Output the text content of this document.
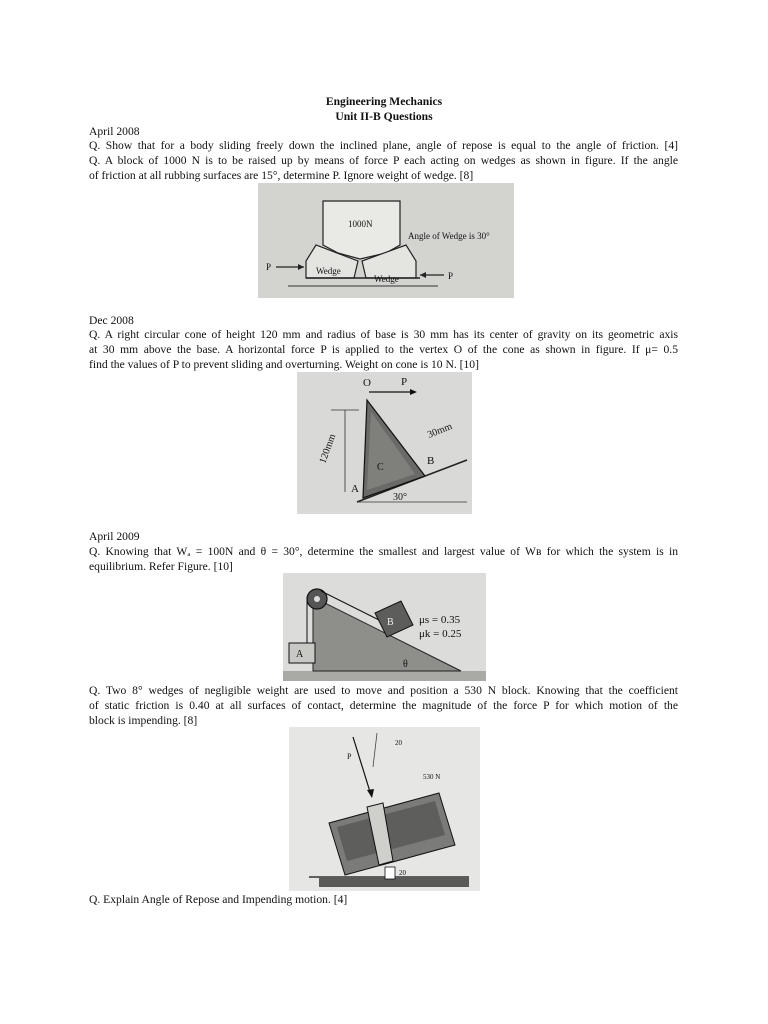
Engineering Mechanics
Unit II-B Questions
April 2008
Q. Show that for a body sliding freely down the inclined plane, angle of repose is equal to the angle of friction. [4]
Q. A block of 1000 N is to be raised up by means of force P each acting on wedges as shown in figure. If the angle
of friction at all rubbing surfaces are 15°, determine P. Ignore weight of wedge. [8]
1000N
Wedge
Wedge
P
P
Angle of Wedge is 30°
Dec 2008
Q. A right circular cone of height 120 mm and radius of base is 30 mm has its center of gravity on its geometric axis
at 30 mm above the base. A horizontal force P is applied to the vertex O of the cone as shown in figure. If μ= 0.5
find the values of P to prevent sliding and overturning. Weight on cone is 10 N. [10]
O	P
120mm
30mm
A
B
C
30°
April 2009
Q. Knowing that Wₐ = 100N and θ = 30°, determine the smallest and largest value of Wʙ for which the system is in
equilibrium. Refer Figure. [10]
A
B μs = 0.35
μk = 0.25
θ
Q. Two 8° wedges of negligible weight are used to move and position a 530 N block. Knowing that the coefficient
of static friction is 0.40 at all surfaces of contact, determine the magnitude of the force P for which motion of the
block is impending. [8]
P
20
530 N
20
Q. Explain Angle of Repose and Impending motion. [4]
